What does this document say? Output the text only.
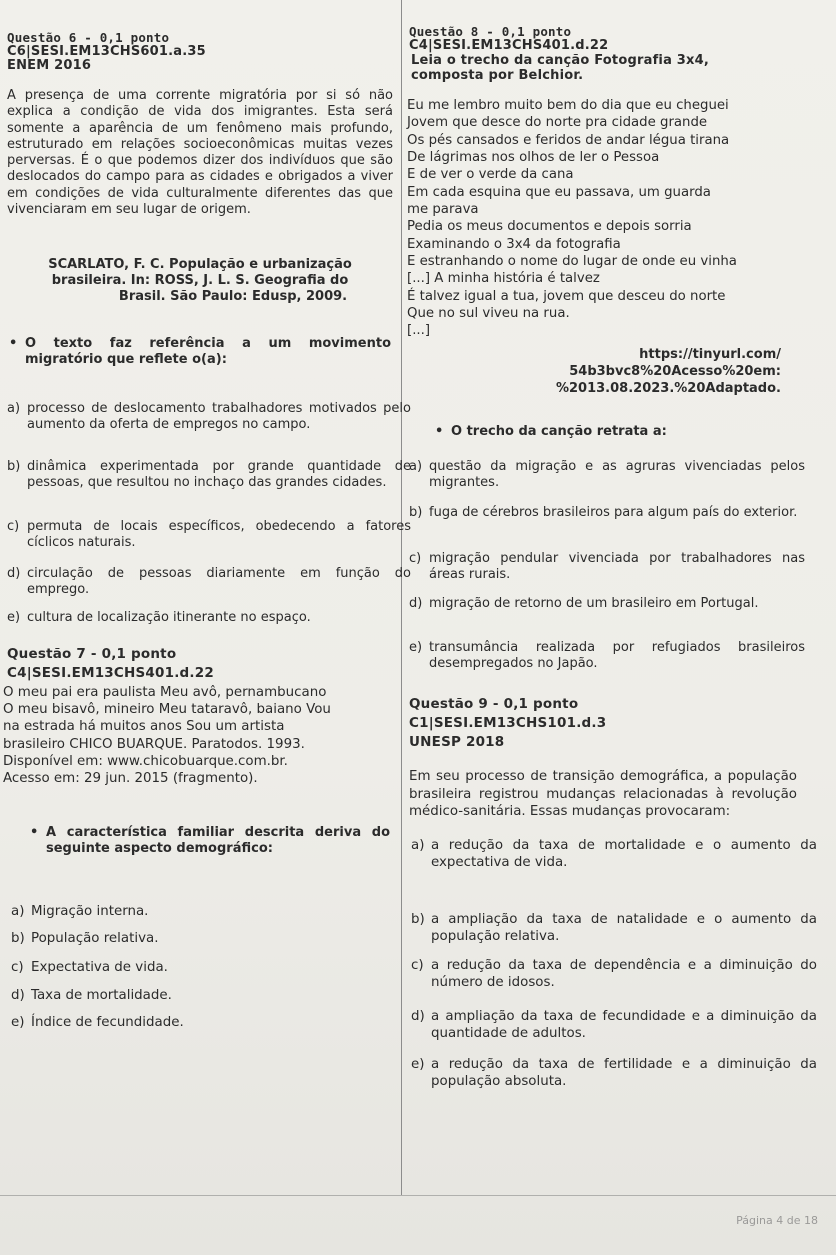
Questão 6 - 0,1 ponto
C6|SESI.EM13CHS601.a.35
ENEM 2016

A presença de uma corrente migratória por si só não explica a condição de vida dos imigrantes. Esta será somente a aparência de um fenômeno mais profundo, estruturado em relações socioeconômicas muitas vezes perversas. É o que podemos dizer dos indivíduos que são deslocados do campo para as cidades e obrigados a viver em condições de vida culturalmente diferentes das que vivenciaram em seu lugar de origem.

SCARLATO, F. C. População e urbanização
brasileira. In: ROSS, J. L. S. Geografia do
Brasil. São Paulo: Edusp, 2009.
• O texto faz referência a um movimento migratório que reflete o(a):
a) processo de deslocamento trabalhadores motivados pelo aumento da oferta de empregos no campo.
b) dinâmica experimentada por grande quantidade de pessoas, que resultou no inchaço das grandes cidades.
c) permuta de locais específicos, obedecendo a fatores cíclicos naturais.
d) circulação de pessoas diariamente em função do emprego.
e) cultura de localização itinerante no espaço.
Questão 7 - 0,1 ponto
C4|SESI.EM13CHS401.d.22
O meu pai era paulista Meu avô, pernambucano
O meu bisavô, mineiro Meu tataravô, baiano Vou
na estrada há muitos anos Sou um artista
brasileiro CHICO BUARQUE. Paratodos. 1993.
Disponível em: www.chicobuarque.com.br.
Acesso em: 29 jun. 2015 (fragmento).
• A característica familiar descrita deriva do seguinte aspecto demográfico:
a) Migração interna.
b) População relativa.
c) Expectativa de vida.
d) Taxa de mortalidade.
e) Índice de fecundidade.
Questão 8 - 0,1 ponto
C4|SESI.EM13CHS401.d.22
Leia o trecho da canção Fotografia 3x4,
composta por Belchior.
Eu me lembro muito bem do dia que eu cheguei
Jovem que desce do norte pra cidade grande
Os pés cansados e feridos de andar légua tirana
De lágrimas nos olhos de ler o Pessoa
E de ver o verde da cana
Em cada esquina que eu passava, um guarda
me parava
Pedia os meus documentos e depois sorria
Examinando o 3x4 da fotografia
E estranhando o nome do lugar de onde eu vinha
[...] A minha história é talvez
É talvez igual a tua, jovem que desceu do norte
Que no sul viveu na rua.
[...]
https://tinyurl.com/
54b3bvc8%20Acesso%20em:
%2013.08.2023.%20Adaptado.
• O trecho da canção retrata a:
a) questão da migração e as agruras vivenciadas pelos migrantes.
b) fuga de cérebros brasileiros para algum país do exterior.
c) migração pendular vivenciada por trabalhadores nas áreas rurais.
d) migração de retorno de um brasileiro em Portugal.
e) transumância realizada por refugiados brasileiros desempregados no Japão.
Questão 9 - 0,1 ponto
C1|SESI.EM13CHS101.d.3
UNESP 2018

Em seu processo de transição demográfica, a população brasileira registrou mudanças relacionadas à revolução médico-sanitária. Essas mudanças provocaram:

a) a redução da taxa de mortalidade e o aumento da expectativa de vida.
b) a ampliação da taxa de natalidade e o aumento da população relativa.
c) a redução da taxa de dependência e a diminuição do número de idosos.
d) a ampliação da taxa de fecundidade e a diminuição da quantidade de adultos.
e) a redução da taxa de fertilidade e a diminuição da população absoluta.
Página 4 de 18
